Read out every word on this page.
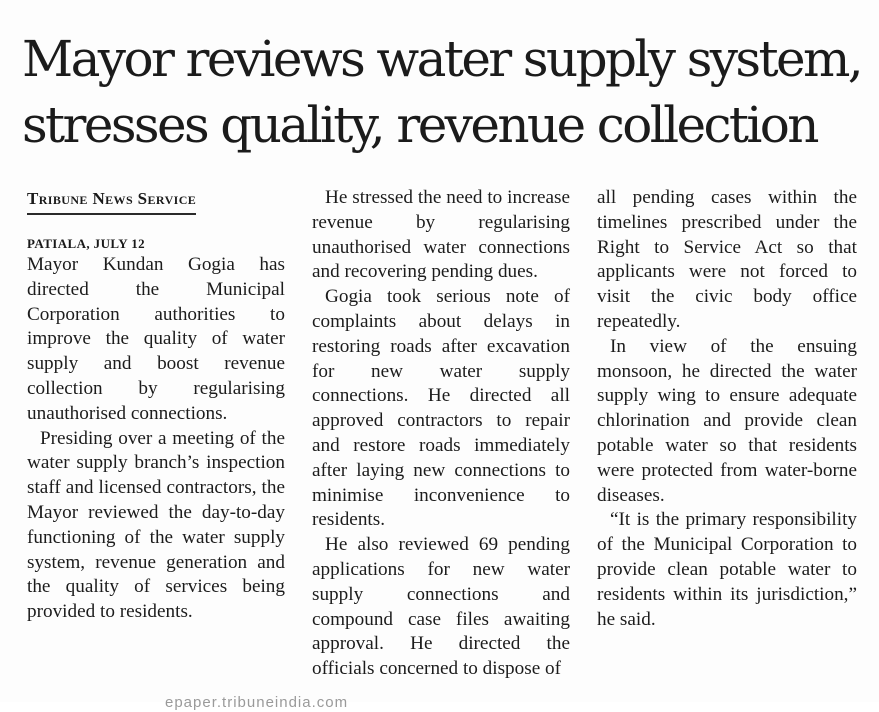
Mayor reviews water supply system,
stresses quality, revenue collection
Tribune News Service
PATIALA, JULY 12

Mayor Kundan Gogia has directed the Municipal Corporation authorities to improve the quality of water supply and boost revenue collection by regularising unauthorised connections.

Presiding over a meeting of the water supply branch’s inspection staff and licensed contractors, the Mayor reviewed the day-to-day functioning of the water supply system, revenue generation and the quality of services being provided to residents.

He stressed the need to increase revenue by regularising unauthorised water connections and recovering pending dues.

Gogia took serious note of complaints about delays in restoring roads after excavation for new water supply connections. He directed all approved contractors to repair and restore roads immediately after laying new connections to minimise inconvenience to residents.

He also reviewed 69 pending applications for new water supply connections and compound case files awaiting approval. He directed the officials concerned to dispose of

all pending cases within the timelines prescribed under the Right to Service Act so that applicants were not forced to visit the civic body office repeatedly.

In view of the ensuing monsoon, he directed the water supply wing to ensure adequate chlorination and provide clean potable water so that residents were protected from water-borne diseases.

“It is the primary responsibility of the Municipal Corporation to provide clean potable water to residents within its jurisdiction,” he said.

epaper.tribuneindia.com
